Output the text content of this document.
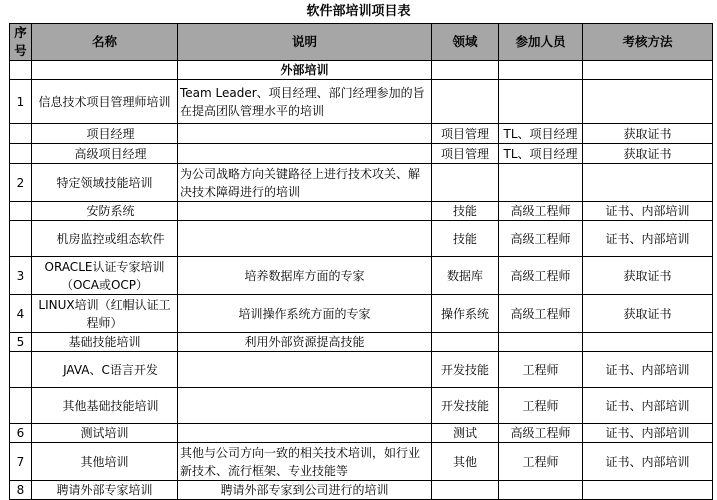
软件部培训项目表
序号	名称	说明	领域	参加人员	考核方法
		外部培训			
1	信息技术项目管理师培训	Team Leader、项目经理、部门经理参加的旨在提高团队管理水平的培训			
	项目经理		项目管理	TL、项目经理	获取证书
	高级项目经理		项目管理	TL、项目经理	获取证书
2	特定领域技能培训	为公司战略方向关键路径上进行技术攻关、解决技术障碍进行的培训			
	安防系统		技能	高级工程师	证书、内部培训
	机房监控或组态软件		技能	高级工程师	证书、内部培训
3	ORACLE认证专家培训（OCA或OCP）	培养数据库方面的专家	数据库	高级工程师	获取证书
4	LINUX培训（红帽认证工程师）	培训操作系统方面的专家	操作系统	高级工程师	获取证书
5	基础技能培训	利用外部资源提高技能			
	JAVA、C语言开发		开发技能	工程师	证书、内部培训
	其他基础技能培训		开发技能	工程师	证书、内部培训
6	测试培训		测试	高级工程师	证书、内部培训
7	其他培训	其他与公司方向一致的相关技术培训，如行业新技术、流行框架、专业技能等	其他	工程师	证书、内部培训
8	聘请外部专家培训	聘请外部专家到公司进行的培训			
